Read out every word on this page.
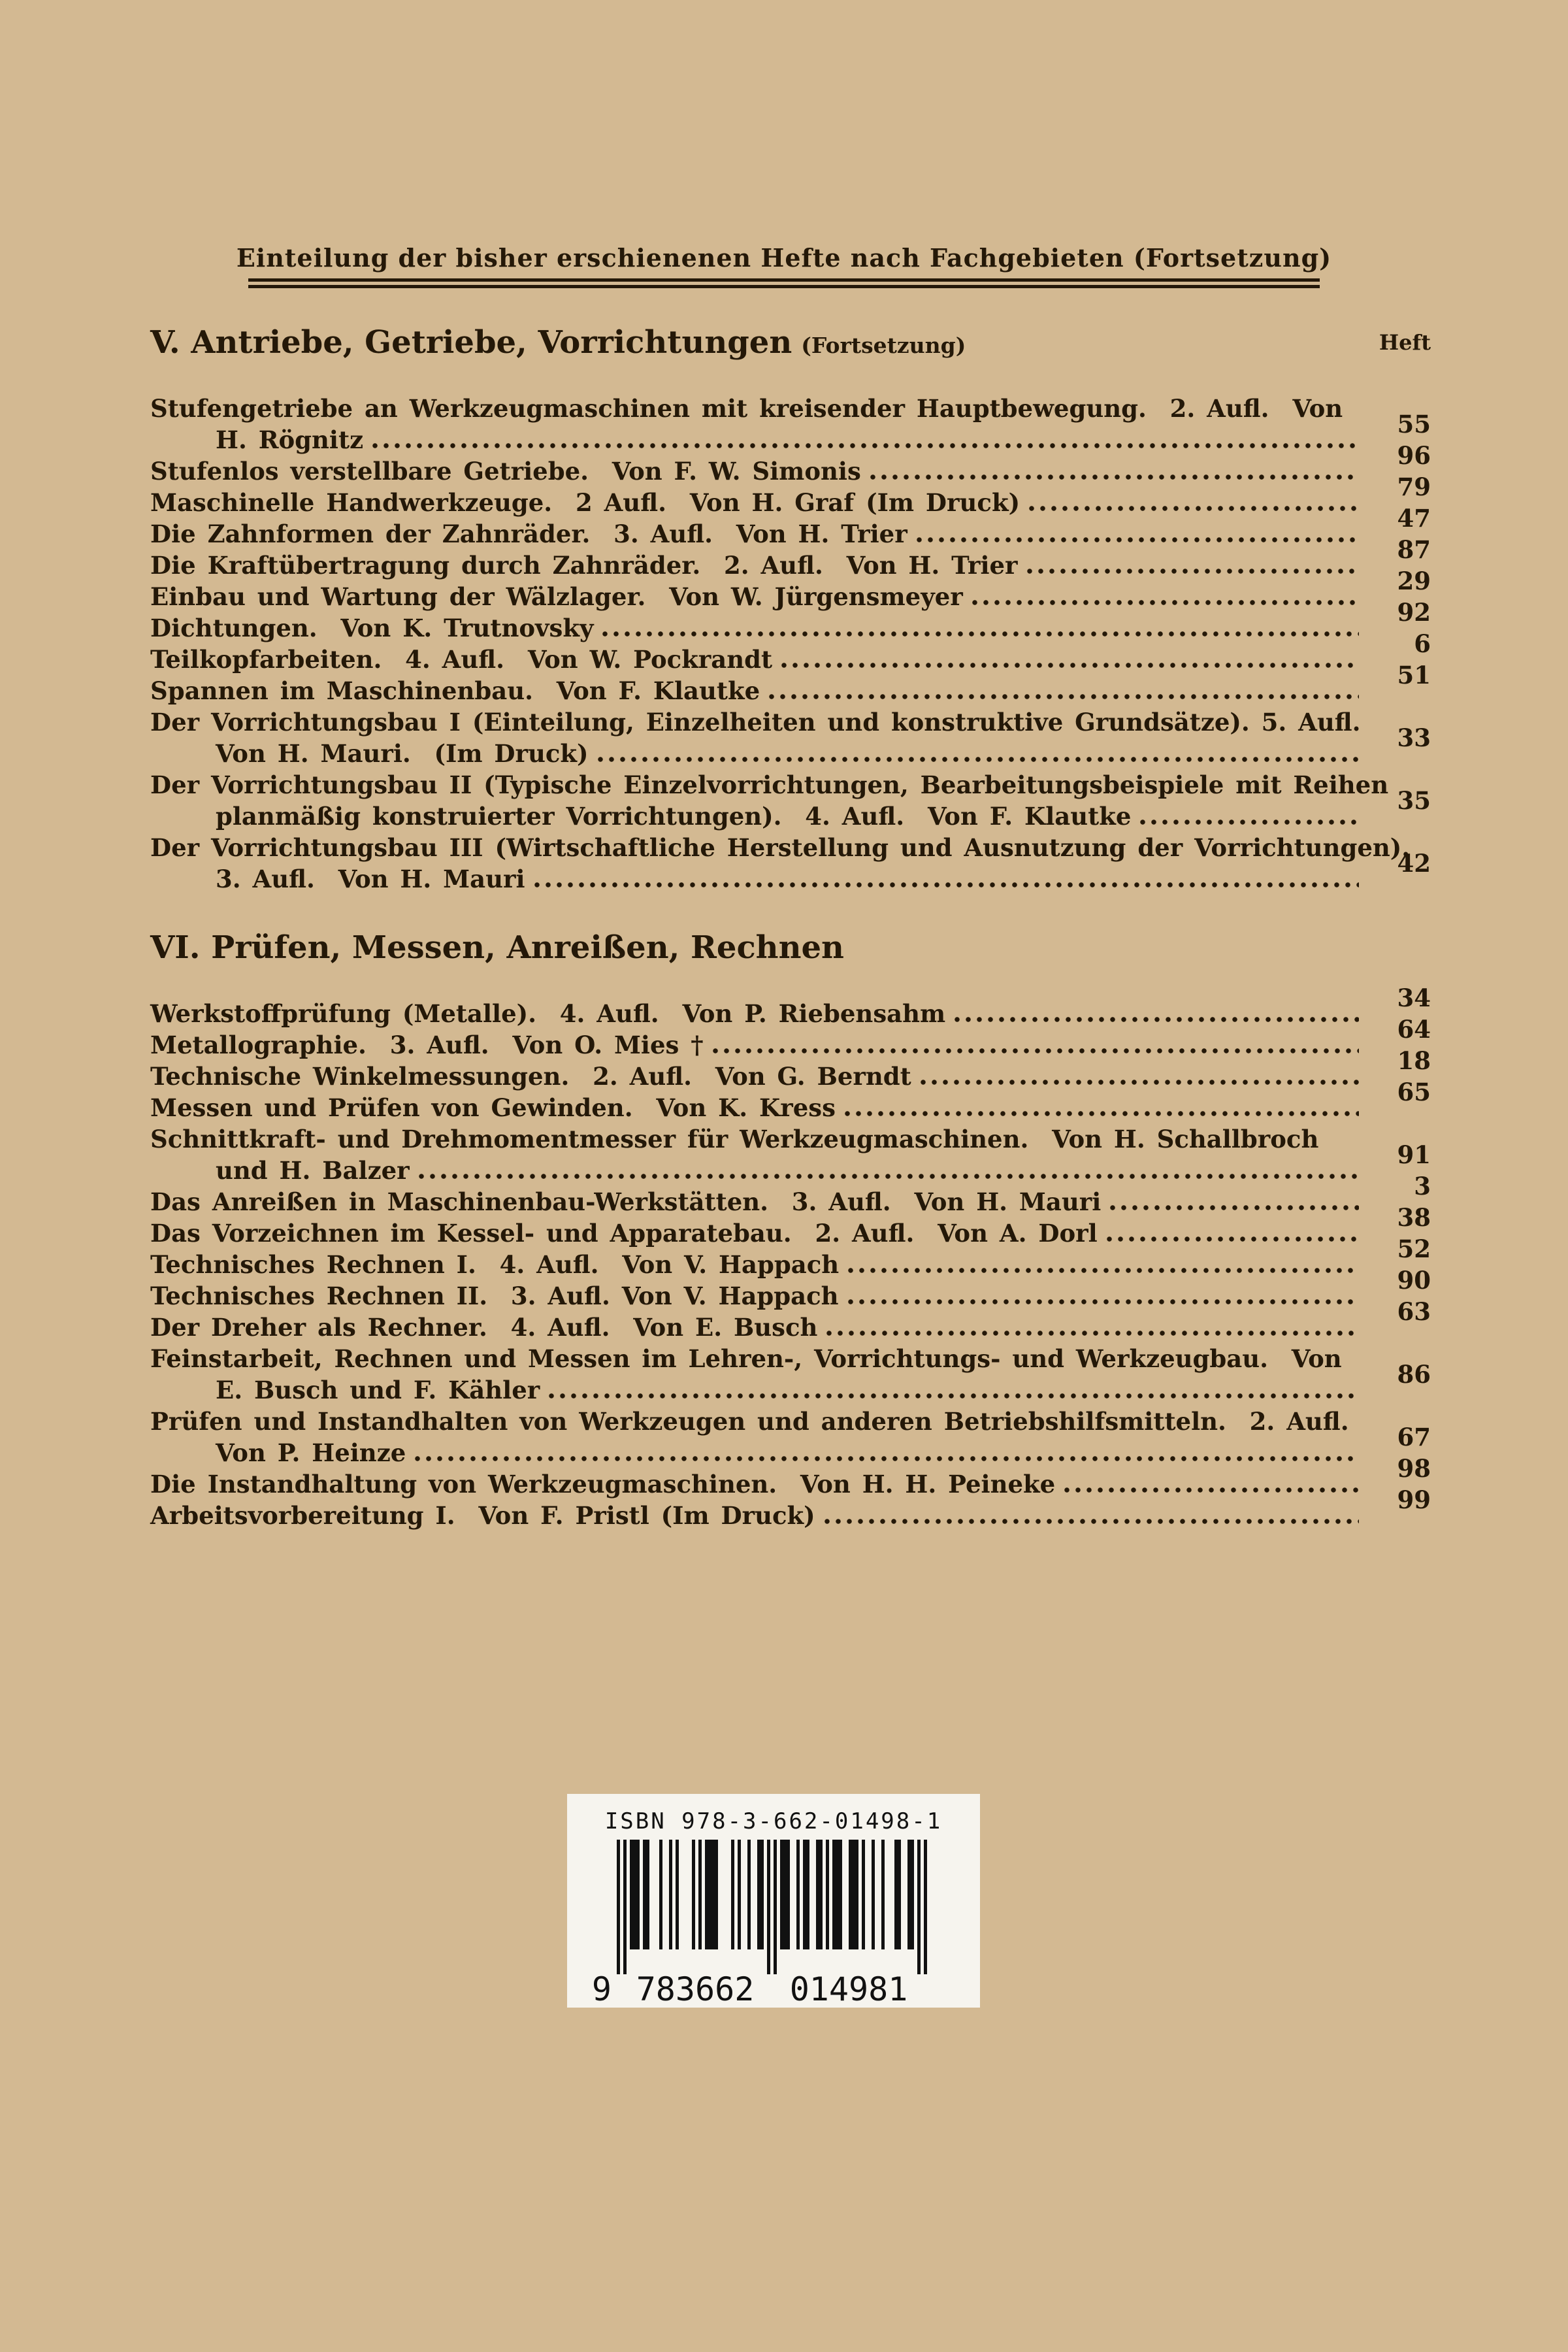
Einteilung der bisher erschienenen Hefte nach Fachgebieten (Fortsetzung)
V. Antriebe, Getriebe, Vorrichtungen (Fortsetzung)	Heft
Stufengetriebe an Werkzeugmaschinen mit kreisender Hauptbewegung.  2. Aufl.  Von
H. Rögnitz
55
Stufenlos verstellbare Getriebe.  Von F. W. Simonis
96
Maschinelle Handwerkzeuge.  2 Aufl.  Von H. Graf (Im Druck)
79
Die Zahnformen der Zahnräder.  3. Aufl.  Von H. Trier
47
Die Kraftübertragung durch Zahnräder.  2. Aufl.  Von H. Trier
87
Einbau und Wartung der Wälzlager.  Von W. Jürgensmeyer
29
Dichtungen.  Von K. Trutnovsky
92
Teilkopfarbeiten.  4. Aufl.  Von W. Pockrandt
6
Spannen im Maschinenbau.  Von F. Klautke
51
Der Vorrichtungsbau I (Einteilung, Einzelheiten und konstruktive Grundsätze). 5. Aufl.
Von H. Mauri.  (Im Druck)
33
Der Vorrichtungsbau II (Typische Einzelvorrichtungen, Bearbeitungsbeispiele mit Reihen
planmäßig konstruierter Vorrichtungen).  4. Aufl.  Von F. Klautke
35
Der Vorrichtungsbau III (Wirtschaftliche Herstellung und Ausnutzung der Vorrichtungen).
3. Aufl.  Von H. Mauri
42
VI. Prüfen, Messen, Anreißen, Rechnen
Werkstoffprüfung (Metalle).  4. Aufl.  Von P. Riebensahm
34
Metallographie.  3. Aufl.  Von O. Mies †
64
Technische Winkelmessungen.  2. Aufl.  Von G. Berndt
18
Messen und Prüfen von Gewinden.  Von K. Kress
65
Schnittkraft- und Drehmomentmesser für Werkzeugmaschinen.  Von H. Schallbroch
und H. Balzer
91
Das Anreißen in Maschinenbau-Werkstätten.  3. Aufl.  Von H. Mauri
3
Das Vorzeichnen im Kessel- und Apparatebau.  2. Aufl.  Von A. Dorl
38
Technisches Rechnen I.  4. Aufl.  Von V. Happach
52
Technisches Rechnen II.  3. Aufl. Von V. Happach
90
Der Dreher als Rechner.  4. Aufl.  Von E. Busch
63
Feinstarbeit, Rechnen und Messen im Lehren-, Vorrichtungs- und Werkzeugbau.  Von
E. Busch und F. Kähler
86
Prüfen und Instandhalten von Werkzeugen und anderen Betriebshilfsmitteln.  2. Aufl.
Von P. Heinze
67
Die Instandhaltung von Werkzeugmaschinen.  Von H. H. Peineke
98
Arbeitsvorbereitung I.  Von F. Pristl (Im Druck)
99
ISBN 978-3-662-01498-1
9 783662 014981
